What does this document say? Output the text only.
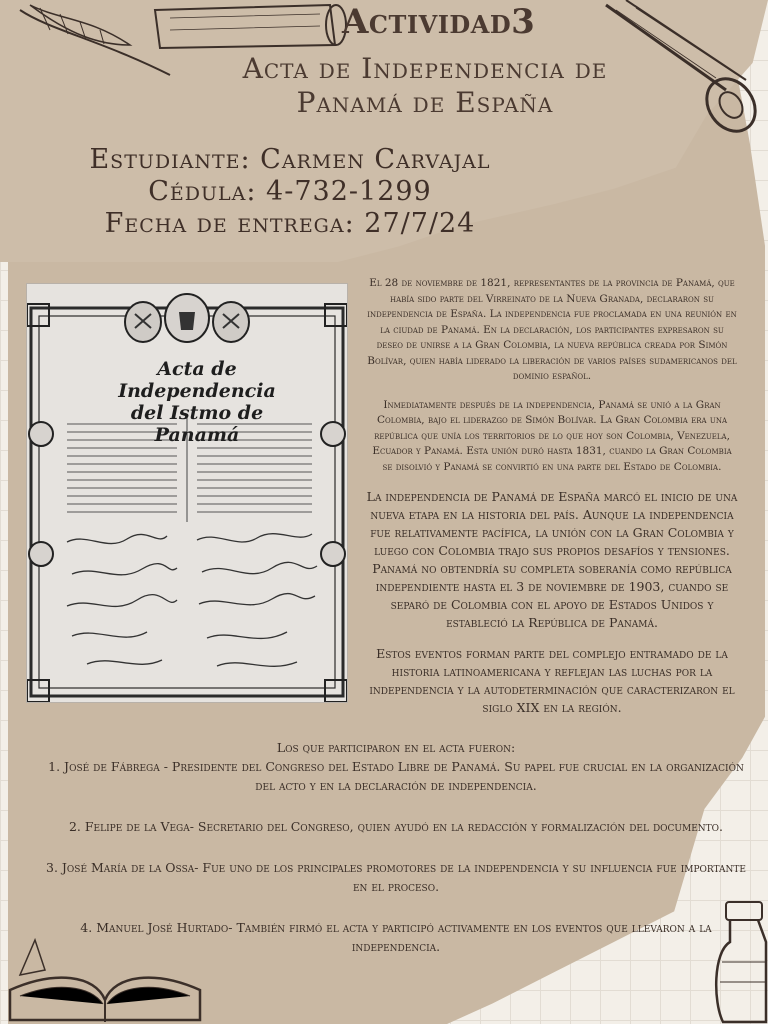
Actividad3
Acta de Independencia de
Panamá de España
Estudiante: Carmen Carvajal
Cédula: 4-732-1299
Fecha de entrega: 27/7/24
Acta de Independencia
del Istmo de Panamá

El 28 de noviembre de 1821, representantes de la provincia de Panamá, que había sido parte del Virreinato de la Nueva Granada, declararon su independencia de España. La independencia fue proclamada en una reunión en la ciudad de Panamá. En la declaración, los participantes expresaron su deseo de unirse a la Gran Colombia, la nueva república creada por Simón Bolívar, quien había liderado la liberación de varios países sudamericanos del dominio español.

Inmediatamente después de la independencia, Panamá se unió a la Gran Colombia, bajo el liderazgo de Simón Bolívar. La Gran Colombia era una república que unía los territorios de lo que hoy son Colombia, Venezuela, Ecuador y Panamá. Esta unión duró hasta 1831, cuando la Gran Colombia se disolvió y Panamá se convirtió en una parte del Estado de Colombia.

La independencia de Panamá de España marcó el inicio de una nueva etapa en la historia del país. Aunque la independencia fue relativamente pacífica, la unión con la Gran Colombia y luego con Colombia trajo sus propios desafíos y tensiones. Panamá no obtendría su completa soberanía como república independiente hasta el 3 de noviembre de 1903, cuando se separó de Colombia con el apoyo de Estados Unidos y estableció la República de Panamá.

Estos eventos forman parte del complejo entramado de la historia latinoamericana y reflejan las luchas por la independencia y la autodeterminación que caracterizaron el siglo XIX en la región.

Los que participaron en el acta fueron:

1. José de Fábrega - Presidente del Congreso del Estado Libre de Panamá. Su papel fue crucial en la organización del acto y en la declaración de independencia.

2. Felipe de la Vega- Secretario del Congreso, quien ayudó en la redacción y formalización del documento.

3. José María de la Ossa- Fue uno de los principales promotores de la independencia y su influencia fue importante en el proceso.

4. Manuel José Hurtado- También firmó el acta y participó activamente en los eventos que llevaron a la independencia.
